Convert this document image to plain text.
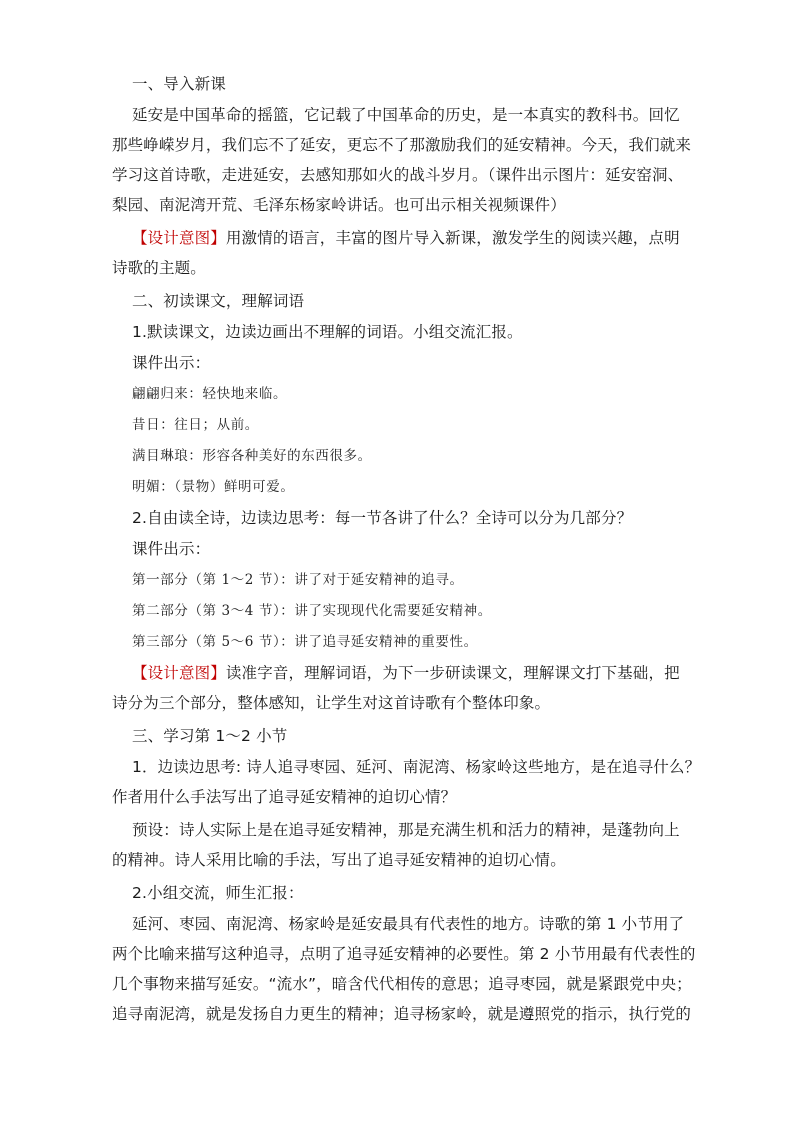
一、导入新课
延安是中国革命的摇篮，它记载了中国革命的历史，是一本真实的教科书。回忆
那些峥嵘岁月，我们忘不了延安，更忘不了那激励我们的延安精神。今天，我们就来
学习这首诗歌，走进延安，去感知那如火的战斗岁月。（课件出示图片：延安窑洞、
梨园、南泥湾开荒、毛泽东杨家岭讲话。也可出示相关视频课件）
【设计意图】用激情的语言，丰富的图片导入新课，激发学生的阅读兴趣，点明
诗歌的主题。
二、初读课文，理解词语
1.默读课文，边读边画出不理解的词语。小组交流汇报。
课件出示：
翩翩归来：轻快地来临。
昔日：往日；从前。
满目琳琅：形容各种美好的东西很多。
明媚：（景物）鲜明可爱。
2.自由读全诗，边读边思考：每一节各讲了什么？全诗可以分为几部分？
课件出示：
第一部分（第 1～2 节）：讲了对于延安精神的追寻。
第二部分（第 3～4 节）：讲了实现现代化需要延安精神。
第三部分（第 5～6 节）：讲了追寻延安精神的重要性。
【设计意图】读准字音，理解词语，为下一步研读课文，理解课文打下基础，把
诗分为三个部分，整体感知，让学生对这首诗歌有个整体印象。
三、学习第 1～2 小节
1．边读边思考: 诗人追寻枣园、延河、南泥湾、杨家岭这些地方，是在追寻什么？
作者用什么手法写出了追寻延安精神的迫切心情？
预设：诗人实际上是在追寻延安精神，那是充满生机和活力的精神，是蓬勃向上
的精神。诗人采用比喻的手法，写出了追寻延安精神的迫切心情。
2.小组交流，师生汇报：
延河、枣园、南泥湾、杨家岭是延安最具有代表性的地方。诗歌的第 1 小节用了
两个比喻来描写这种追寻，点明了追寻延安精神的必要性。第 2 小节用最有代表性的
几个事物来描写延安。“流水”，暗含代代相传的意思；追寻枣园，就是紧跟党中央；
追寻南泥湾，就是发扬自力更生的精神；追寻杨家岭，就是遵照党的指示，执行党的
